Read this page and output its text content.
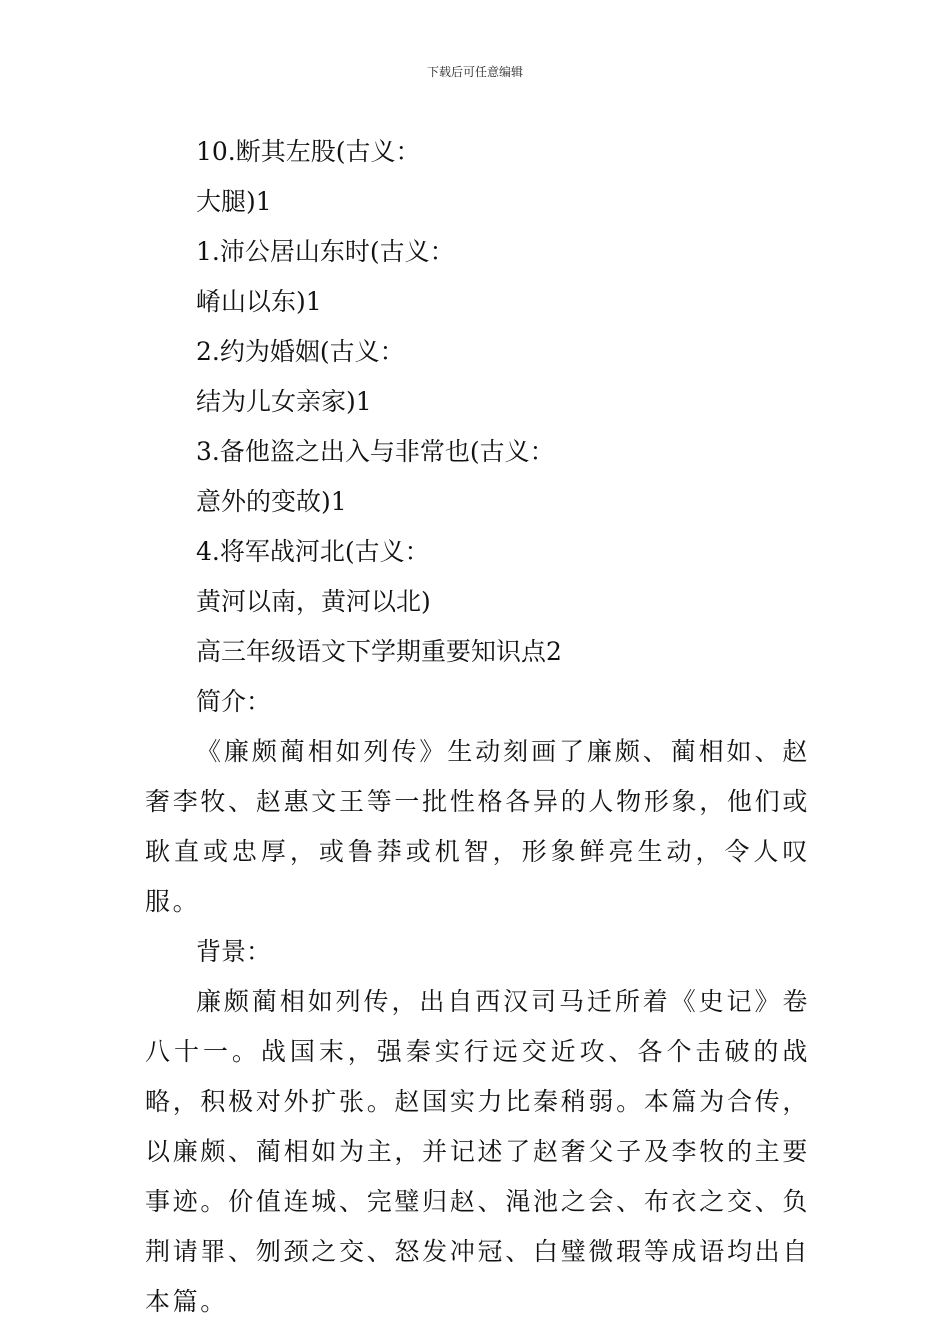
下载后可任意编辑
10.断其左股(古义：
大腿)1
1.沛公居山东时(古义：
崤山以东)1
2.约为婚姻(古义：
结为儿女亲家)1
3.备他盗之出入与非常也(古义：
意外的变故)1
4.将军战河北(古义：
黄河以南，黄河以北)
高三年级语文下学期重要知识点2
简介：
《廉颇蔺相如列传》生动刻画了廉颇、蔺相如、赵奢李牧、赵惠文王等一批性格各异的人物形象，他们或耿直或忠厚，或鲁莽或机智，形象鲜亮生动，令人叹服。
背景：
廉颇蔺相如列传，出自西汉司马迁所着《史记》卷八十一。战国末，强秦实行远交近攻、各个击破的战略，积极对外扩张。赵国实力比秦稍弱。本篇为合传，以廉颇、蔺相如为主，并记述了赵奢父子及李牧的主要事迹。价值连城、完璧归赵、渑池之会、布衣之交、负荆请罪、刎颈之交、怒发冲冠、白璧微瑕等成语均出自本篇。
